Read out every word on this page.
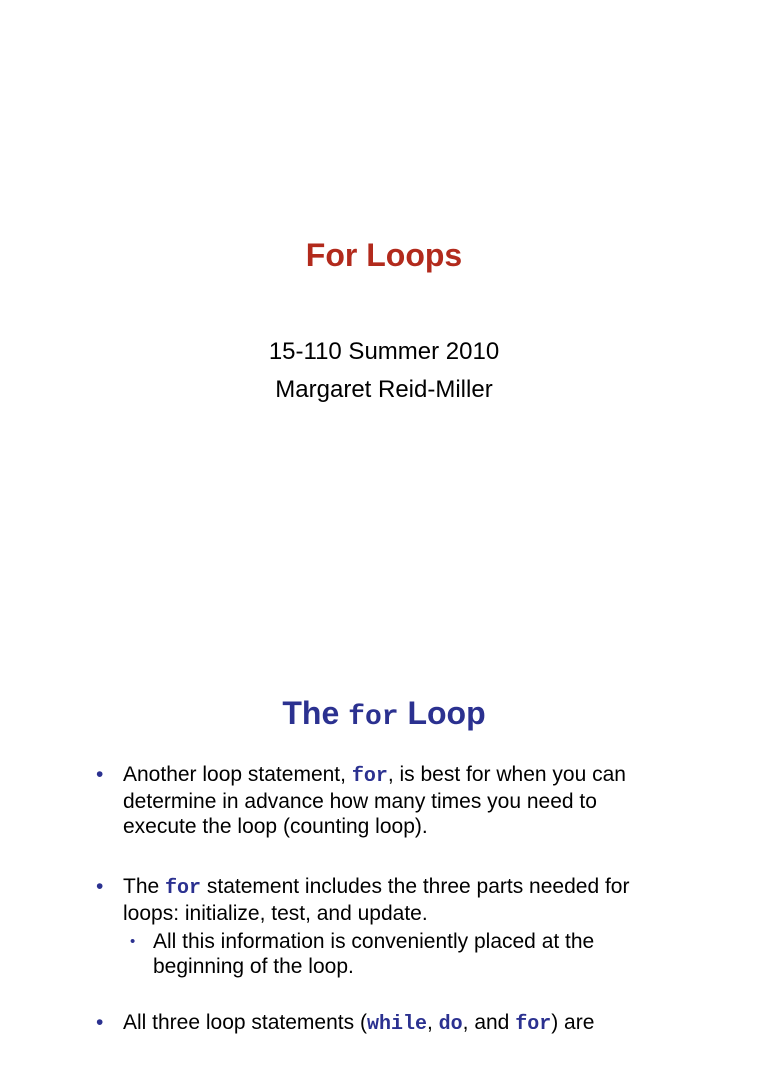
For Loops

15-110 Summer 2010

Margaret Reid-Miller

The for Loop
• Another loop statement, for, is best for when you can determine in advance how many times you need to execute the loop (counting loop).
• The for statement includes the three parts needed for loops: initialize, test, and update.
• All this information is conveniently placed at the beginning of the loop.
• All three loop statements (while, do, and for) are
